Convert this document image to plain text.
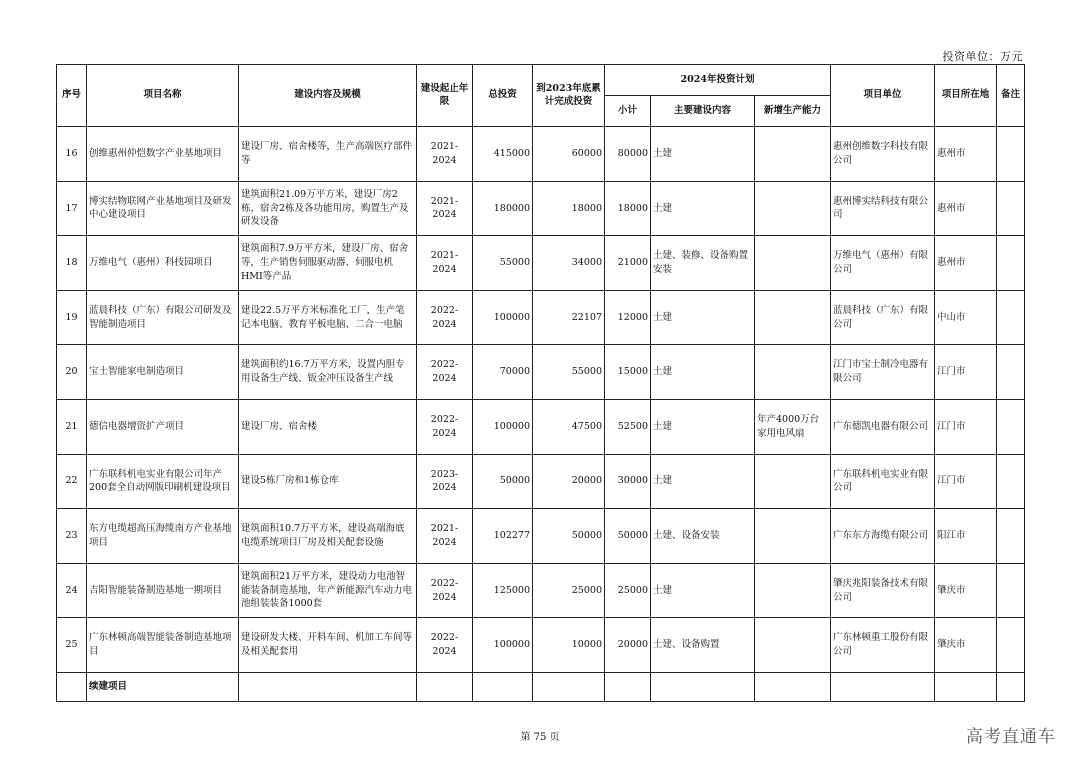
投资单位：万元
序号	项目名称	建设内容及规模	建设起止年限	总投资	到2023年底累计完成投资	2024年投资计划			项目单位	项目所在地	备注
						小计	主要建设内容	新增生产能力			
16	创维惠州仲恺数字产业基地项目	建设厂房、宿舍楼等，生产高端医疗部件等	2021-2024	415000	60000	80000	土建		惠州创维数字科技有限公司	惠州市	
17	博实结物联网产业基地项目及研发中心建设项目	建筑面积21.09万平方米，建设厂房2栋，宿舍2栋及各功能用房，购置生产及研发设备	2021-2024	180000	18000	18000	土建		惠州博实结科技有限公司	惠州市	
18	万维电气（惠州）科技园项目	建筑面积7.9万平方米，建设厂房、宿舍等，生产销售伺服驱动器、伺服电机HMI等产品	2021-2024	55000	34000	21000	土建、装修、设备购置安装		万维电气（惠州）有限公司	惠州市	
19	蓝晨科技（广东）有限公司研发及智能制造项目	建设22.5万平方米标准化工厂，生产笔记本电脑、教育平板电脑、二合一电脑	2022-2024	100000	22107	12000	土建		蓝晨科技（广东）有限公司	中山市	
20	宝士智能家电制造项目	建筑面积约16.7万平方米，设置内胆专用设备生产线、钣金冲压设备生产线	2022-2024	70000	55000	15000	土建		江门市宝士制冷电器有限公司	江门市	
21	德信电器增资扩产项目	建设厂房、宿舍楼	2022-2024	100000	47500	52500	土建	年产4000万台家用电风扇	广东德凯电器有限公司	江门市	
22	广东联科机电实业有限公司年产200套全自动网版印刷机建设项目	建设5栋厂房和1栋仓库	2023-2024	50000	20000	30000	土建		广东联科机电实业有限公司	江门市	
23	东方电缆超高压海缆南方产业基地项目	建筑面积10.7万平方米，建设高端海底电缆系统项目厂房及相关配套设施	2021-2024	102277	50000	50000	土建、设备安装		广东东方海缆有限公司	阳江市	
24	吉阳智能装备制造基地一期项目	建筑面积21万平方米，建设动力电池智能装备制造基地，年产新能源汽车动力电池组装装备1000套	2022-2024	125000	25000	25000	土建		肇庆兆阳装备技术有限公司	肇庆市	
25	广东林顿高端智能装备制造基地项目	建设研发大楼、开料车间、机加工车间等及相关配套用	2022-2024	100000	10000	20000	土建、设备购置		广东林顿重工股份有限公司	肇庆市	
	续建项目										
第 75 页	高考直通车
